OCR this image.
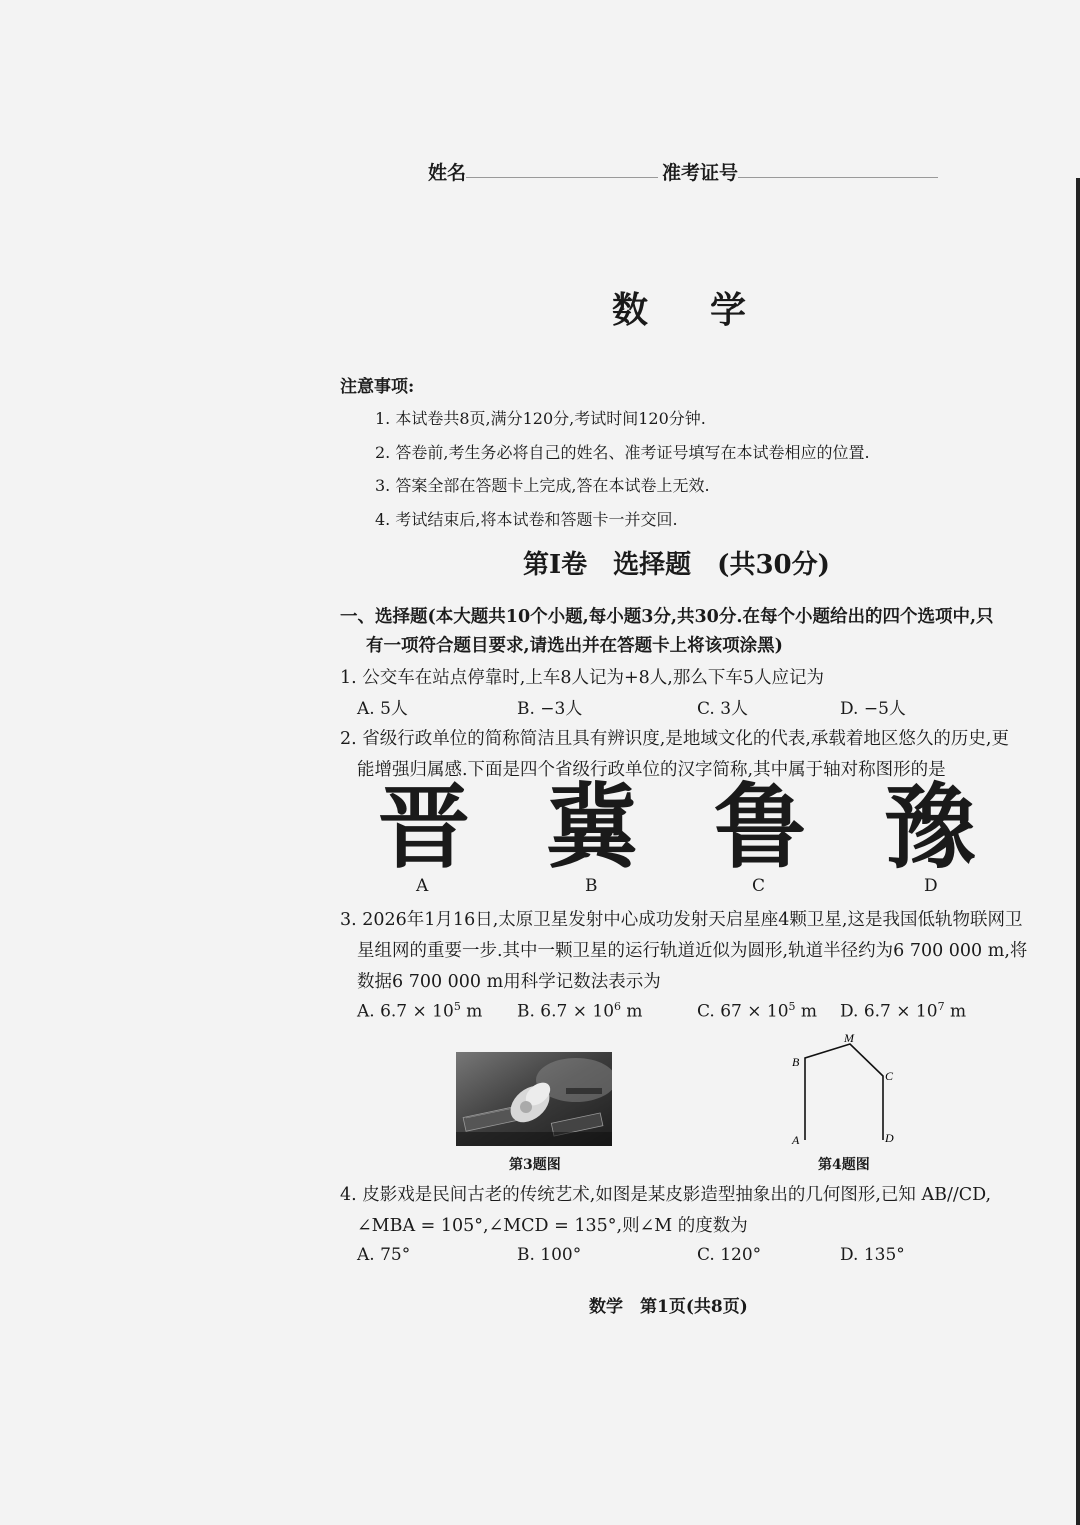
姓名	准考证号
数学
注意事项:
1. 本试卷共8页,满分120分,考试时间120分钟.
2. 答卷前,考生务必将自己的姓名、准考证号填写在本试卷相应的位置.
3. 答案全部在答题卡上完成,答在本试卷上无效.
4. 考试结束后,将本试卷和答题卡一并交回.
第Ⅰ卷　选择题　(共30分)
一、选择题(本大题共10个小题,每小题3分,共30分.在每个小题给出的四个选项中,只
有一项符合题目要求,请选出并在答题卡上将该项涂黑)
1. 公交车在站点停靠时,上车8人记为+8人,那么下车5人应记为
A. 5人	B. −3人	C. 3人	D. −5人
2. 省级行政单位的简称简洁且具有辨识度,是地域文化的代表,承载着地区悠久的历史,更
能增强归属感.下面是四个省级行政单位的汉字简称,其中属于轴对称图形的是
晋 冀 鲁 豫
A	B	C	D
3. 2026年1月16日,太原卫星发射中心成功发射天启星座4颗卫星,这是我国低轨物联网卫
星组网的重要一步.其中一颗卫星的运行轨道近似为圆形,轨道半径约为6 700 000 m,将
数据6 700 000 m用科学记数法表示为
A. $6.7 \times 10^5$ m B. $6.7 \times 10^6$ m	C. $67 \times 10^5$ m D. $6.7 \times 10^7$ m
第3题图
B
M
C
A	D
第4题图
4. 皮影戏是民间古老的传统艺术,如图是某皮影造型抽象出的几何图形,已知 AB//CD,
∠MBA = 105°,∠MCD = 135°,则∠M 的度数为
A. 75°	B. 100°	C. 120°	D. 135°
数学　第1页(共8页)
